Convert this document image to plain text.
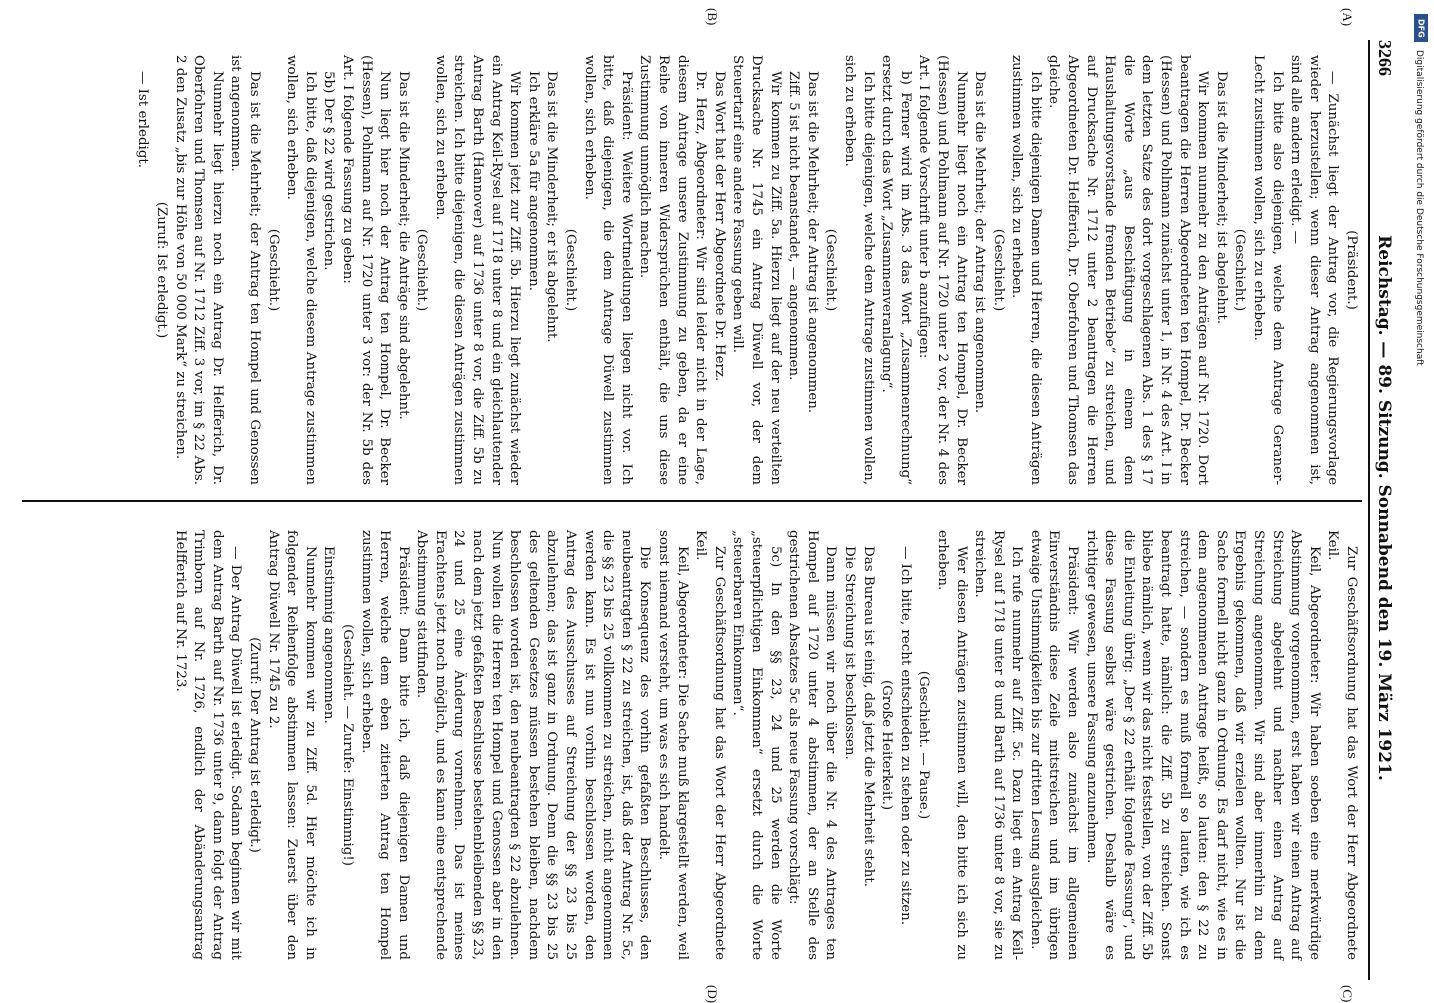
3266
Reichstag. — 89. Sitzung. Sonnabend den 19. März 1921.
(A)
(B)
(C)
(D)

(Präsident.)

— Zunächst liegt der Antrag vor, die Regierungsvorlage wieder herzustellen; wenn dieser Antrag angenommen ist, sind alle andern erledigt. —

Ich bitte also diejenigen, welche dem Antrage Geraner-Lecht zustimmen wollen, sich zu erheben.

(Geschieht.)

Das ist die Minderheit; ist abgelehnt.

Wir kommen nunmehr zu den Anträgen auf Nr. 1720. Dort beantragen die Herren Abgeordneten ten Hompel, Dr. Becker (Hessen) und Pohlmann zunächst unter 1, in Nr. 4 des Art. I in dem letzten Satze des dort vorgeschlagenen Abs. 1 des § 17 die Worte „aus Beschäftigung in einem dem Haushaltungsvorstande fremden Betriebe“ zu streichen, und auf Drucksache Nr. 1712 unter 2 beantragen die Herren Abgeordneten Dr. Helfferich, Dr. Oberfohren und Thomsen das gleiche.

Ich bitte diejenigen Damen und Herren, die diesen Anträgen zustimmen wollen, sich zu erheben.

(Geschieht.)

Das ist die Mehrheit; der Antrag ist angenommen.

Nunmehr liegt noch ein Antrag ten Hompel, Dr. Becker (Hessen) und Pohlmann auf Nr. 1720 unter 2 vor, der Nr. 4 des Art. I folgende Vorschrift unter b anzufügen:

b) Ferner wird im Abs. 3 das Wort „Zusammenrechnung“ ersetzt durch das Wort „Zusammenveranlagung“.

Ich bitte diejenigen, welche dem Antrage zustimmen wollen, sich zu erheben.

(Geschieht.)

Das ist die Mehrheit; der Antrag ist angenommen.

Ziff. 5 ist nicht beanstandet, — angenommen.

Wir kommen zu Ziff. 5a. Hierzu liegt auf der neu verteilten Drucksache Nr. 1745 ein Antrag Düwell vor, der dem Steuertarif eine andere Fassung geben will.

Das Wort hat der Herr Abgeordnete Dr. Herz.

Dr. Herz, Abgeordneter: Wir sind leider nicht in der Lage, diesem Antrage unsere Zustimmung zu geben, da er eine Reihe von inneren Widersprüchen enthält, die uns diese Zustimmung unmöglich machen.

Präsident: Weitere Wortmeldungen liegen nicht vor. Ich bitte, daß diejenigen, die dem Antrage Düwell zustimmen wollen, sich erheben.

(Geschieht.)

Das ist die Minderheit; er ist abgelehnt.

Ich erkläre 5a für angenommen.

Wir kommen jetzt zur Ziff. 5b. Hierzu liegt zunächst wieder ein Antrag Keil-Rysel auf 1718 unter 8 und ein gleichlautender Antrag Barth (Hannover) auf 1736 unter 8 vor, die Ziff. 5b zu streichen. Ich bitte diejenigen, die diesen Anträgen zustimmen wollen, sich zu erheben.

(Geschieht.)

Das ist die Minderheit; die Anträge sind abgelehnt.

Nun liegt hier noch der Antrag ten Hompel, Dr. Becker (Hessen), Pohlmann auf Nr. 1720 unter 3 vor: der Nr. 5b des Art. I folgende Fassung zu geben:

5b) Der § 22 wird gestrichen.

Ich bitte, daß diejenigen, welche diesem Antrage zustimmen wollen, sich erheben.

(Geschieht.)

Das ist die Mehrheit; der Antrag ten Hompel und Genossen ist angenommen.

Nunmehr liegt hierzu noch ein Antrag Dr. Helfferich, Dr. Oberfohren und Thomsen auf Nr. 1712 Ziff. 3 vor, im § 22 Abs. 2 den Zusatz „bis zur Höhe von 50 000 Mark“ zu streichen.

(Zuruf: Ist erledigt.)

— Ist erledigt.

Zur Geschäftsordnung hat das Wort der Herr Abgeordnete Keil.

Keil, Abgeordneter: Wir haben soeben eine merkwürdige Abstimmung vorgenommen, erst haben wir einen Antrag auf Streichung abgelehnt und nachher einen Antrag auf Streichung angenommen. Wir sind aber immerhin zu dem Ergebnis gekommen, daß wir erzielen wollten. Nur ist die Sache formell nicht ganz in Ordnung. Es darf nicht, wie es in dem angenommenen Antrage heißt, so lauten: den § 22 zu streichen, — sondern es muß formell so lauten, wie ich es beantragt hatte, nämlich: die Ziff. 5b zu streichen. Sonst bliebe nämlich, wenn wir das nicht feststellen, von der Ziff. 5b die Einleitung übrig: „Der § 22 erhält folgende Fassung“, und diese Fassung selbst wäre gestrichen. Deshalb wäre es richtiger gewesen, unsere Fassung anzunehmen.

Präsident: Wir werden also zunächst im allgemeinen Einverständnis diese Zeile mitstreichen und im übrigen etwaige Unstimmigkeiten bis zur dritten Lesung ausgleichen.

Ich rufe nunmehr auf Ziff. 5c. Dazu liegt ein Antrag Keil-Rysel auf 1718 unter 8 und Barth auf 1736 unter 8 vor, sie zu streichen.

Wer diesen Anträgen zustimmen will, den bitte ich sich zu erheben.

(Geschieht. — Pause.)

— Ich bitte, recht entschieden zu stehen oder zu sitzen.

(Große Heiterkeit.)

Das Bureau ist einig, daß jetzt die Mehrheit steht.

Die Streichung ist beschlossen.

Dann müssen wir noch über die Nr. 4 des Antrages ten Hompel auf 1720 unter 4 abstimmen, der an Stelle des gestrichenen Absatzes 5c als neue Fassung vorschlägt:

5c) In den §§ 23, 24 und 25 werden die Worte „steuerpflichtigen Einkommen“ ersetzt durch die Worte „steuerbaren Einkommen“.

Zur Geschäftsordnung hat das Wort der Herr Abgeordnete Keil.

Keil, Abgeordneter: Die Sache muß klargestellt werden, weil sonst niemand versteht, um was es sich handelt.

Die Konsequenz des vorhin gefaßten Beschlusses, den neubeantragten § 22 zu streichen, ist, daß der Antrag Nr. 5c, die §§ 23 bis 25 vollkommen zu streichen, nicht angenommen werden kann. Es ist nun vorhin beschlossen worden, den Antrag des Ausschusses auf Streichung der §§ 23 bis 25 abzulehnen; das ist ganz in Ordnung. Denn die §§ 23 bis 25 des geltenden Gesetzes müssen bestehen bleiben, nachdem beschlossen worden ist, den neubeantragten § 22 abzulehnen. Nun wollen die Herren ten Hompel und Genossen aber in den nach dem jetzt gefaßten Beschlusse bestehenbleibenden §§ 23, 24 und 25 eine Änderung vornehmen. Das ist meines Erachtens jetzt noch möglich, und es kann eine entsprechende Abstimmung stattfinden.

Präsident: Dann bitte ich, daß diejenigen Damen und Herren, welche dem eben zitierten Antrag ten Hompel zustimmen wollen, sich erheben.

(Geschieht. — Zurufe: Einstimmig!)

Einstimmig angenommen.

Nunmehr kommen wir zu Ziff. 5d. Hier möchte ich in folgender Reihenfolge abstimmen lassen: Zuerst über den Antrag Düwell Nr. 1745 zu 2.

(Zuruf: Der Antrag ist erledigt.)

— Der Antrag Düwell ist erledigt. Sodann beginnen wir mit dem Antrag Barth auf Nr. 1736 unter 9, dann folgt der Antrag Trimborn auf Nr. 1726, endlich der Abänderungsantrag Helfferich auf Nr. 1723.

DFG
Digitalisierung gefördert durch die Deutsche Forschungsgemeinschaft
